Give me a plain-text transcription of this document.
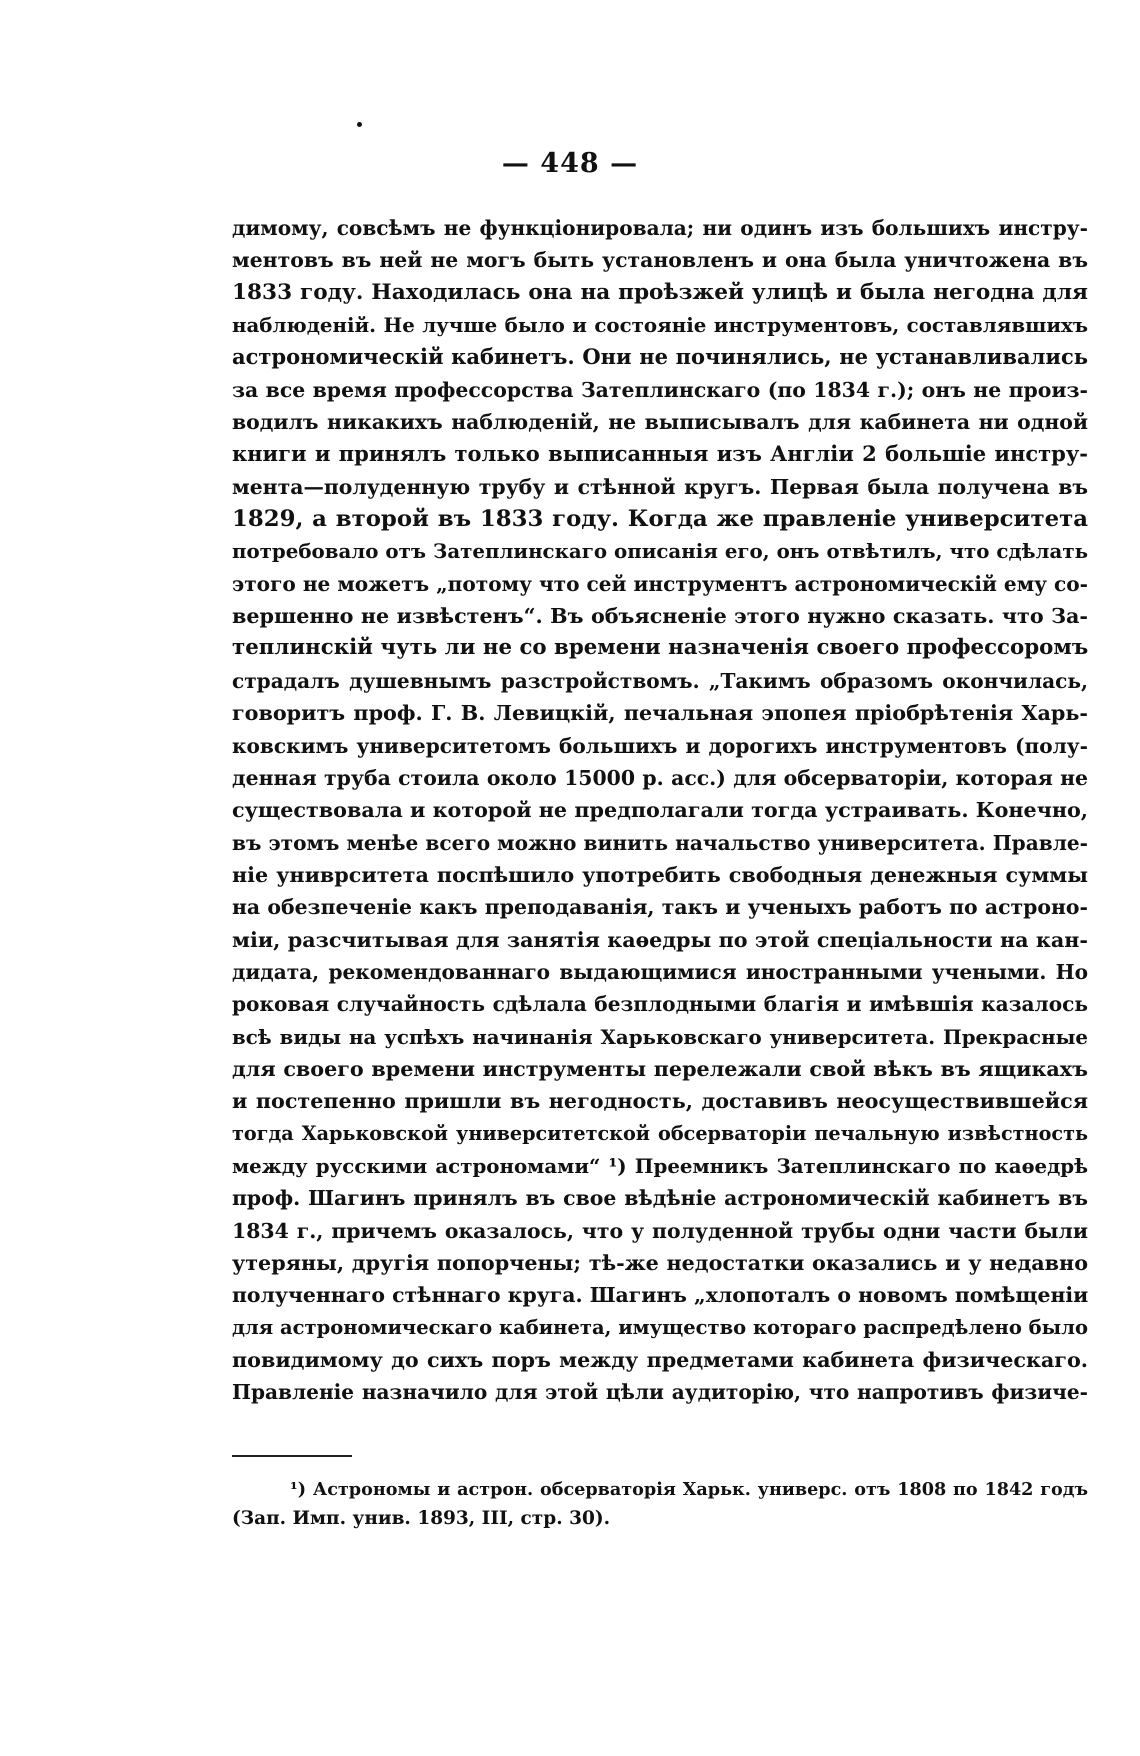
— 448 —
димому, совсѣмъ не функціонировала; ни одинъ изъ большихъ инстру-
ментовъ въ ней не могъ быть установленъ и она была уничтожена въ
1833 году. Находилась она на проѣзжей улицѣ и была негодна для
наблюденій. Не лучше было и состояніе инструментовъ, составлявшихъ
астрономическій кабинетъ. Они не починялись, не устанавливались
за все время профессорства Затеплинскаго (по 1834 г.); онъ не произ-
водилъ никакихъ наблюденій, не выписывалъ для кабинета ни одной
книги и принялъ только выписанныя изъ Англіи 2 большіе инстру-
мента—полуденную трубу и стѣнной кругъ. Первая была получена въ
1829, а второй въ 1833 году. Когда же правленіе университета
потребовало отъ Затеплинскаго описанія его, онъ отвѣтилъ, что сдѣлать
этого не можетъ „потому что сей инструментъ астрономическій ему со-
вершенно не извѣстенъ“. Въ объясненіе этого нужно сказать. что За-
теплинскій чуть ли не со времени назначенія своего профессоромъ
страдалъ душевнымъ разстройствомъ. „Такимъ образомъ окончилась,
говоритъ проф. Г. В. Левицкій, печальная эпопея пріобрѣтенія Харь-
ковскимъ университетомъ большихъ и дорогихъ инструментовъ (полу-
денная труба стоила около 15000 р. асс.) для обсерваторіи, которая не
существовала и которой не предполагали тогда устраивать. Конечно,
въ этомъ менѣе всего можно винить начальство университета. Правле-
ніе униврситета поспѣшило употребить свободныя денежныя суммы
на обезпеченіе какъ преподаванія, такъ и ученыхъ работъ по астроно-
міи, разсчитывая для занятія каѳедры по этой спеціальности на кан-
дидата, рекомендованнаго выдающимися иностранными учеными. Но
роковая случайность сдѣлала безплодными благія и имѣвшія казалось
всѣ виды на успѣхъ начинанія Харьковскаго университета. Прекрасные
для своего времени инструменты перележали свой вѣкъ въ ящикахъ
и постепенно пришли въ негодность, доставивъ неосуществившейся
тогда Харьковской университетской обсерваторіи печальную извѣстность
между русскими астрономами“ ¹) Преемникъ Затеплинскаго по каѳедрѣ
проф. Шагинъ принялъ въ свое вѣдѣніе астрономическій кабинетъ въ
1834 г., причемъ оказалось, что у полуденной трубы одни части были
утеряны, другія попорчены; тѣ-же недостатки оказались и у недавно
полученнаго стѣннаго круга. Шагинъ „хлопоталъ о новомъ помѣщеніи
для астрономическаго кабинета, имущество котораго распредѣлено было
повидимому до сихъ поръ между предметами кабинета физическаго.
Правленіе назначило для этой цѣли аудиторію, что напротивъ физиче-
¹) Астрономы и астрон. обсерваторія Харьк. универс. отъ 1808 по 1842 годъ
(Зап. Имп. унив. 1893, III, стр. 30).
